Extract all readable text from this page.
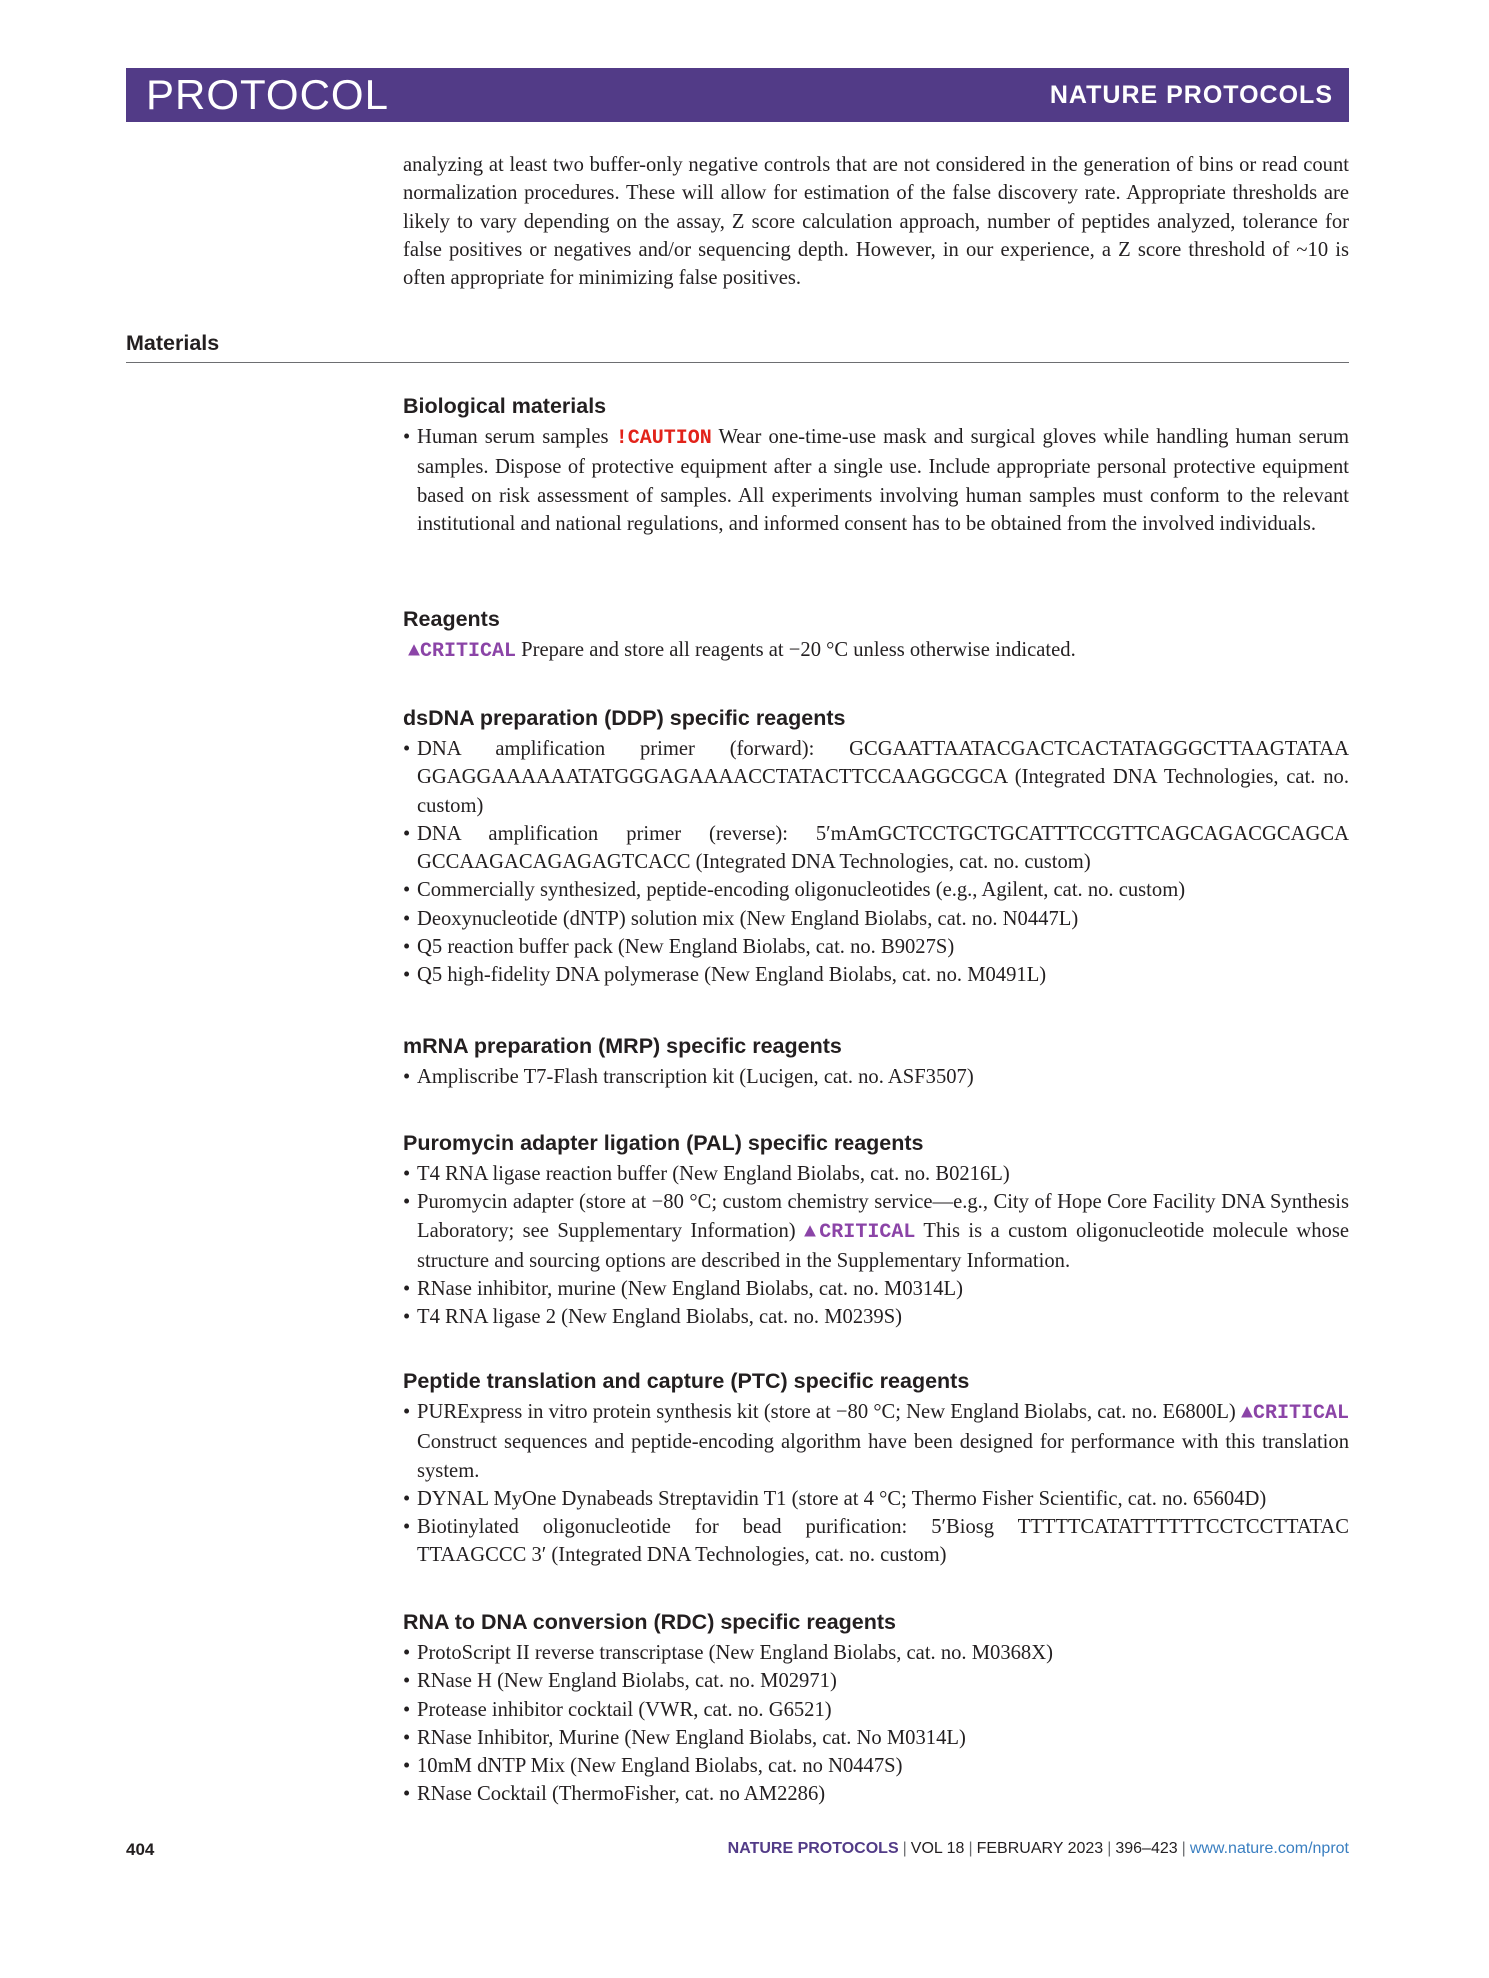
PROTOCOL	NATURE PROTOCOLS

analyzing at least two buffer-only negative controls that are not considered in the generation of bins or read count normalization procedures. These will allow for estimation of the false discovery rate. Appropriate thresholds are likely to vary depending on the assay, Z score calculation approach, number of peptides analyzed, tolerance for false positives or negatives and/or sequencing depth. However, in our experience, a Z score threshold of ~10 is often appropriate for minimizing false positives.

Materials
Biological materials
• Human serum samples !CAUTION Wear one-time-use mask and surgical gloves while handling human serum samples. Dispose of protective equipment after a single use. Include appropriate personal protective equipment based on risk assessment of samples. All experiments involving human samples must conform to the relevant institutional and national regulations, and informed consent has to be obtained from the involved individuals.
Reagents
▲CRITICAL Prepare and store all reagents at −20 °C unless otherwise indicated.
dsDNA preparation (DDP) specific reagents
• DNA amplification primer (forward): GCGAATTAATACGACTCACTATAGGGCTTAAGTATAA GGAGGAAAAAATATGGGAGAAAACCTATACTTCCAAGGCGCA (Integrated DNA Technologies, cat. no. custom)
• DNA amplification primer (reverse): 5′mAmGCTCCTGCTGCATTTCCGTTCAGCAGACGCAGCA GCCAAGACAGAGAGTCACC (Integrated DNA Technologies, cat. no. custom)
• Commercially synthesized, peptide-encoding oligonucleotides (e.g., Agilent, cat. no. custom)
• Deoxynucleotide (dNTP) solution mix (New England Biolabs, cat. no. N0447L)
• Q5 reaction buffer pack (New England Biolabs, cat. no. B9027S)
• Q5 high-fidelity DNA polymerase (New England Biolabs, cat. no. M0491L)
mRNA preparation (MRP) specific reagents
• Ampliscribe T7-Flash transcription kit (Lucigen, cat. no. ASF3507)
Puromycin adapter ligation (PAL) specific reagents
• T4 RNA ligase reaction buffer (New England Biolabs, cat. no. B0216L)
• Puromycin adapter (store at −80 °C; custom chemistry service—e.g., City of Hope Core Facility DNA Synthesis Laboratory; see Supplementary Information) ▲CRITICAL This is a custom oligonucleotide molecule whose structure and sourcing options are described in the Supplementary Information.
• RNase inhibitor, murine (New England Biolabs, cat. no. M0314L)
• T4 RNA ligase 2 (New England Biolabs, cat. no. M0239S)
Peptide translation and capture (PTC) specific reagents
• PURExpress in vitro protein synthesis kit (store at −80 °C; New England Biolabs, cat. no. E6800L) ▲CRITICAL Construct sequences and peptide-encoding algorithm have been designed for performance with this translation system.
• DYNAL MyOne Dynabeads Streptavidin T1 (store at 4 °C; Thermo Fisher Scientific, cat. no. 65604D)
• Biotinylated oligonucleotide for bead purification: 5′Biosg TTTTTCATATTTTTTCCTCCTTATAC TTAAGCCC 3′ (Integrated DNA Technologies, cat. no. custom)
RNA to DNA conversion (RDC) specific reagents
• ProtoScript II reverse transcriptase (New England Biolabs, cat. no. M0368X)
• RNase H (New England Biolabs, cat. no. M02971)
• Protease inhibitor cocktail (VWR, cat. no. G6521)
• RNase Inhibitor, Murine (New England Biolabs, cat. No M0314L)
• 10mM dNTP Mix (New England Biolabs, cat. no N0447S)
• RNase Cocktail (ThermoFisher, cat. no AM2286)
404	NATURE PROTOCOLS | VOL 18 | FEBRUARY 2023 | 396–423 | www.nature.com/nprot
